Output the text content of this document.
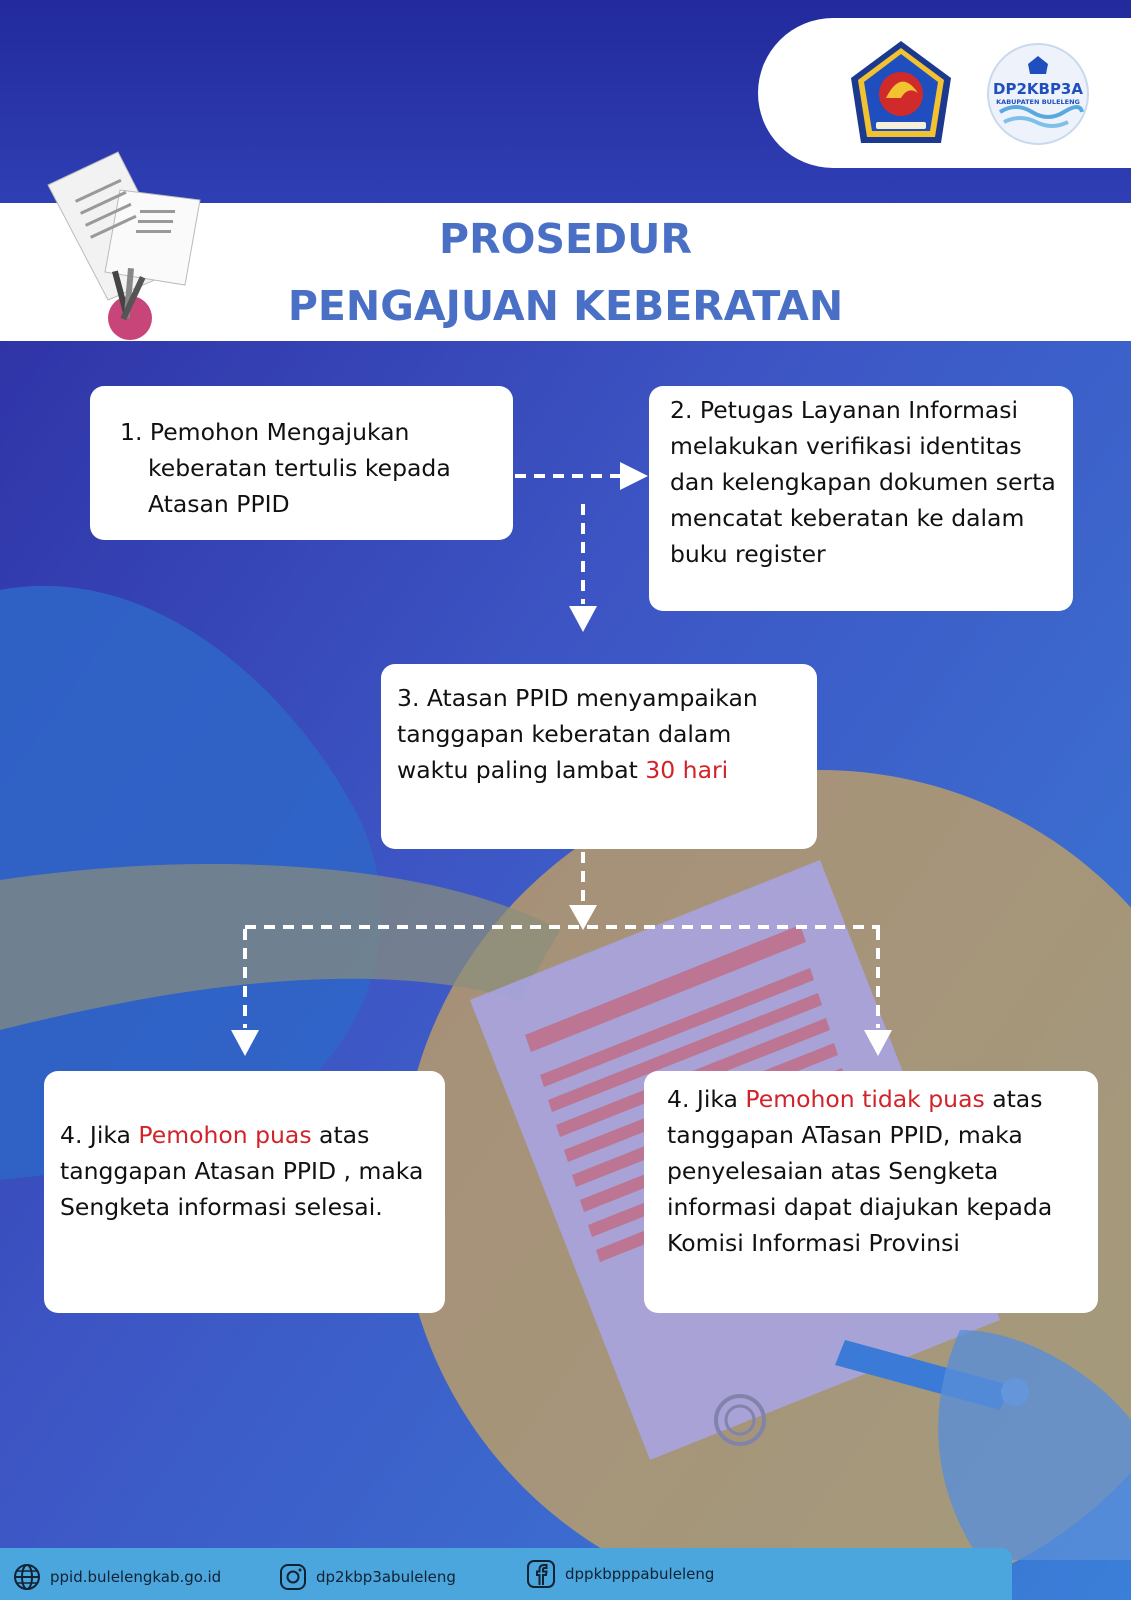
DP2KBP3A
KABUPATEN BULELENG
PROSEDUR
PENGAJUAN KEBERATAN
1. Pemohon Mengajukan keberatan tertulis kepada Atasan PPID
2. Petugas Layanan Informasi melakukan verifikasi identitas dan kelengkapan dokumen serta mencatat keberatan ke dalam buku register
3. Atasan PPID menyampaikan tanggapan keberatan dalam waktu paling lambat 30 hari
4. Jika Pemohon puas atas tanggapan Atasan PPID , maka Sengketa informasi selesai.
4. Jika Pemohon tidak puas atas tanggapan ATasan PPID, maka penyelesaian atas Sengketa informasi dapat diajukan kepada Komisi Informasi Provinsi
ppid.bulelengkab.go.id	dp2kbp3abuleleng	dppkbpppabuleleng
